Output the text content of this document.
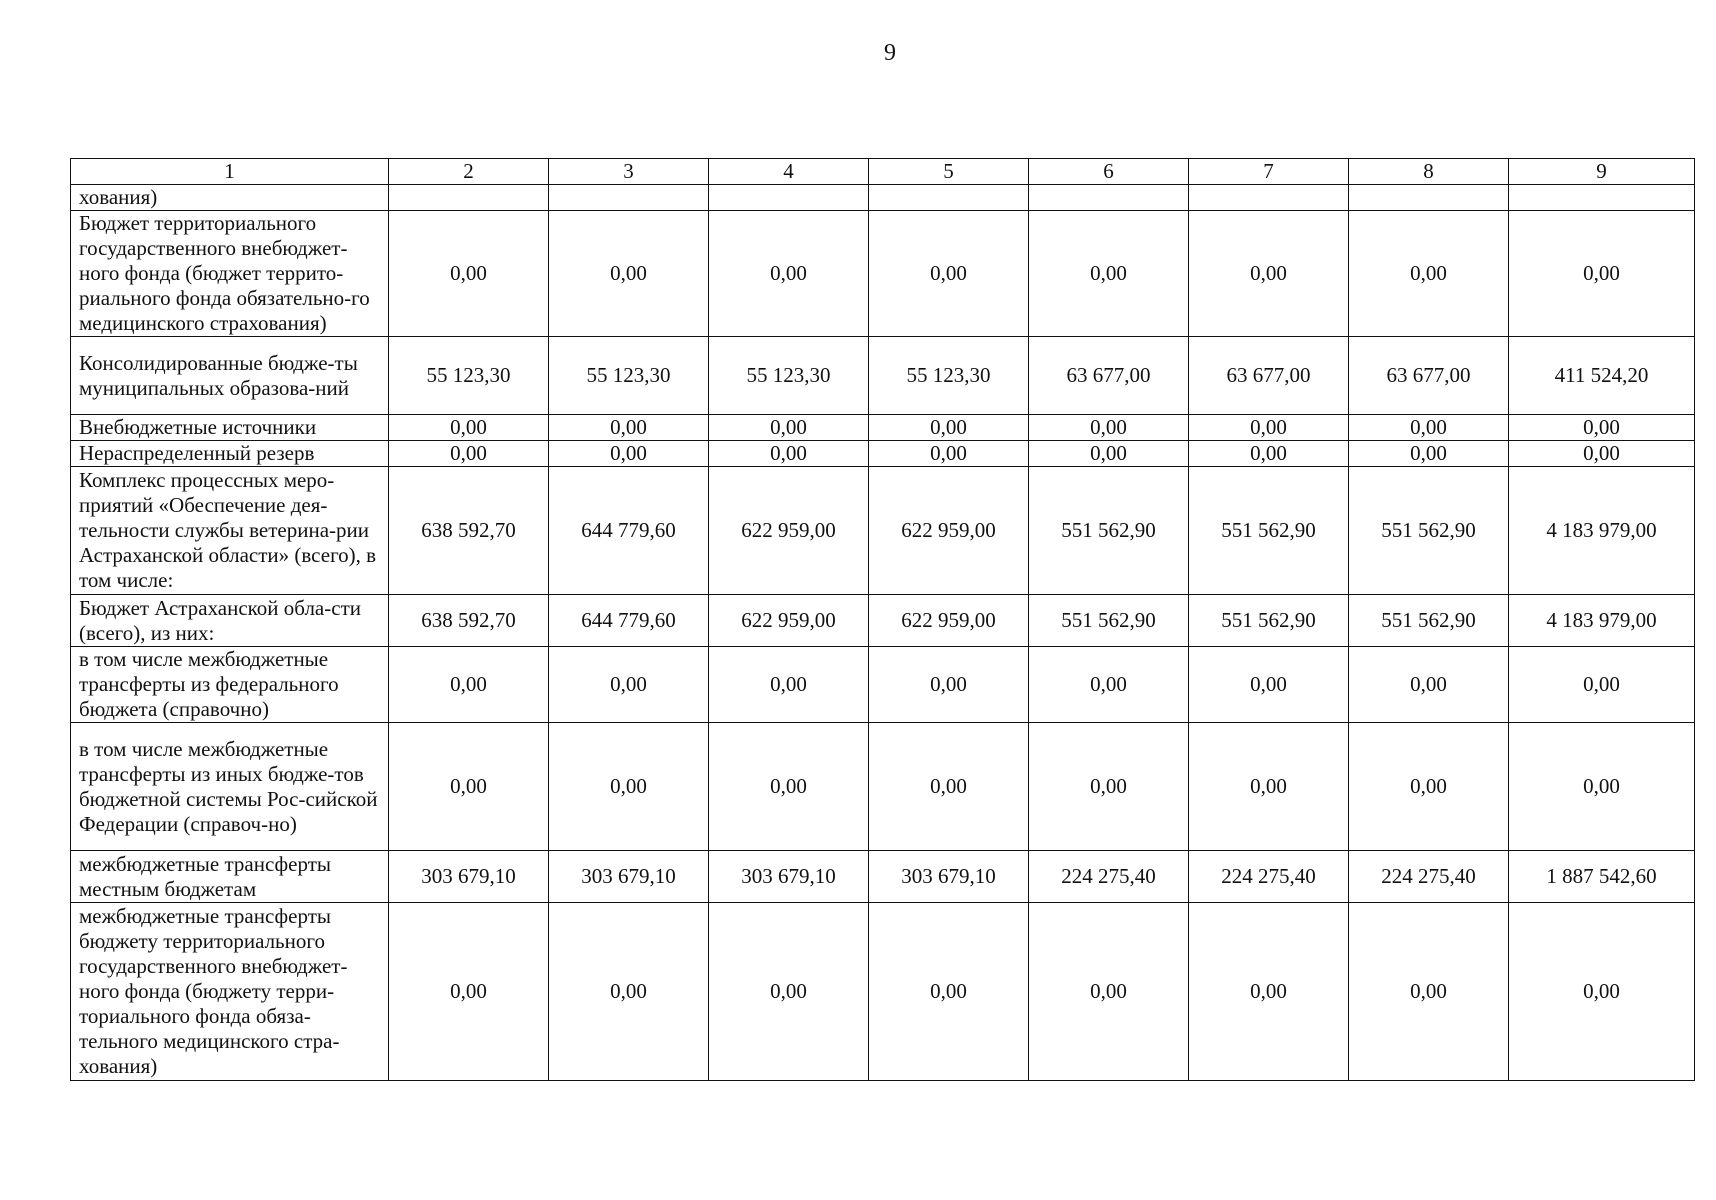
9
1	2	3	4	5	6	7	8	9
хования)								
Бюджет территориального государственного внебюджет-ного фонда (бюджет террито-риального фонда обязательно-го медицинского страхования)	0,00	0,00	0,00	0,00	0,00	0,00	0,00	0,00
Консолидированные бюдже-ты муниципальных образова-ний	55 123,30	55 123,30	55 123,30	55 123,30	63 677,00	63 677,00	63 677,00	411 524,20
Внебюджетные источники	0,00	0,00	0,00	0,00	0,00	0,00	0,00	0,00
Нераспределенный резерв	0,00	0,00	0,00	0,00	0,00	0,00	0,00	0,00
Комплекс процессных меро-приятий «Обеспечение дея-тельности службы ветерина-рии Астраханской области» (всего), в том числе:	638 592,70	644 779,60	622 959,00	622 959,00	551 562,90	551 562,90	551 562,90	4 183 979,00
Бюджет Астраханской обла-сти (всего), из них:	638 592,70	644 779,60	622 959,00	622 959,00	551 562,90	551 562,90	551 562,90	4 183 979,00
в том числе межбюджетные трансферты из федерального бюджета (справочно)	0,00	0,00	0,00	0,00	0,00	0,00	0,00	0,00
в том числе межбюджетные трансферты из иных бюдже-тов бюджетной системы Рос-сийской Федерации (справоч-но)	0,00	0,00	0,00	0,00	0,00	0,00	0,00	0,00
межбюджетные трансферты местным бюджетам	303 679,10	303 679,10	303 679,10	303 679,10	224 275,40	224 275,40	224 275,40	1 887 542,60
межбюджетные трансферты бюджету территориального государственного внебюджет-ного фонда (бюджету терри-ториального фонда обяза-тельного медицинского стра-хования)	0,00	0,00	0,00	0,00	0,00	0,00	0,00	0,00
